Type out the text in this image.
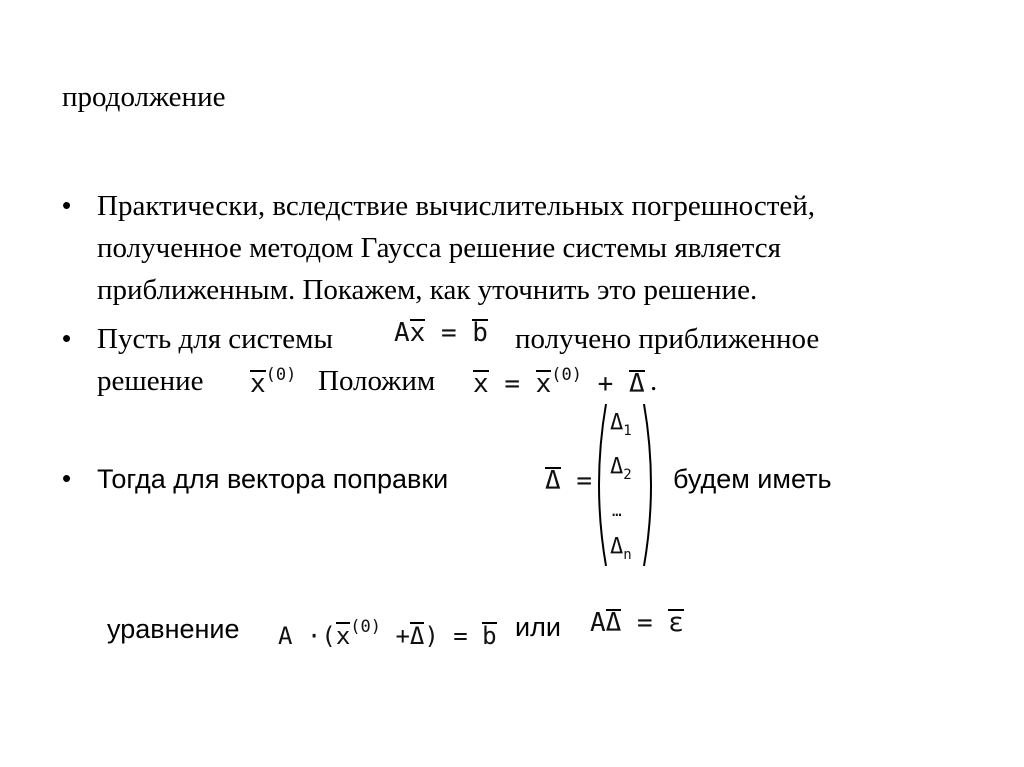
продолжение
• Практически, вследствие вычислительных погрешностей,
полученное методом Гаусса решение системы является
приближенным. Покажем, как уточнить это решение.
• Пусть для системы Ax = b получено приближенное
решение $x^{(0)}$ Положим $x = x^{(0)} + \Delta$ .
• Тогда для вектора поправки	Δ =
$\Delta_1$
$\Delta_2$
…
$\Delta_n$
будем иметь
уравнение $A \cdot(x^{(0)} +\Delta) = b$ или AΔ = ε
